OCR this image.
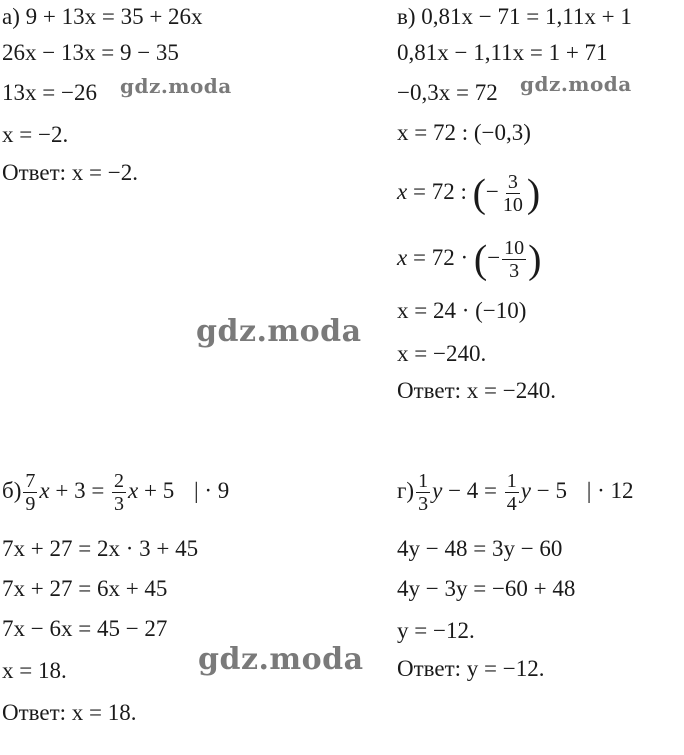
а) 9 + 13x = 35 + 26x
26x − 13x = 9 − 35
13x = −26
x = −2.
Ответ: x = −2.
в) 0,81x − 71 = 1,11x + 1
0,81x − 1,11x = 1 + 71
−0,3x = 72
x = 72 : (−0,3)
x = 72 : (− $\frac{3}{10}$ )
x = 72 · (− $\frac{10}{3}$ )
x = 24 · (−10)
x = −240.
Ответ: x = −240.
$б) \frac{7}{9}$ $x + 3 = \frac{2}{3}$ x + 5 | · 9
7x + 27 = 2x · 3 + 45
7x + 27 = 6x + 45
7x − 6x = 45 − 27
x = 18.
Ответ: x = 18.
$г) \frac{1}{3}$ $y - 4 = \frac{1}{4}$ y − 5 | · 12
4y − 48 = 3y − 60
4y − 3y = −60 + 48
y = −12.
Ответ: y = −12.
gdz.moda	gdz.moda
gdz.moda
gdz.moda
